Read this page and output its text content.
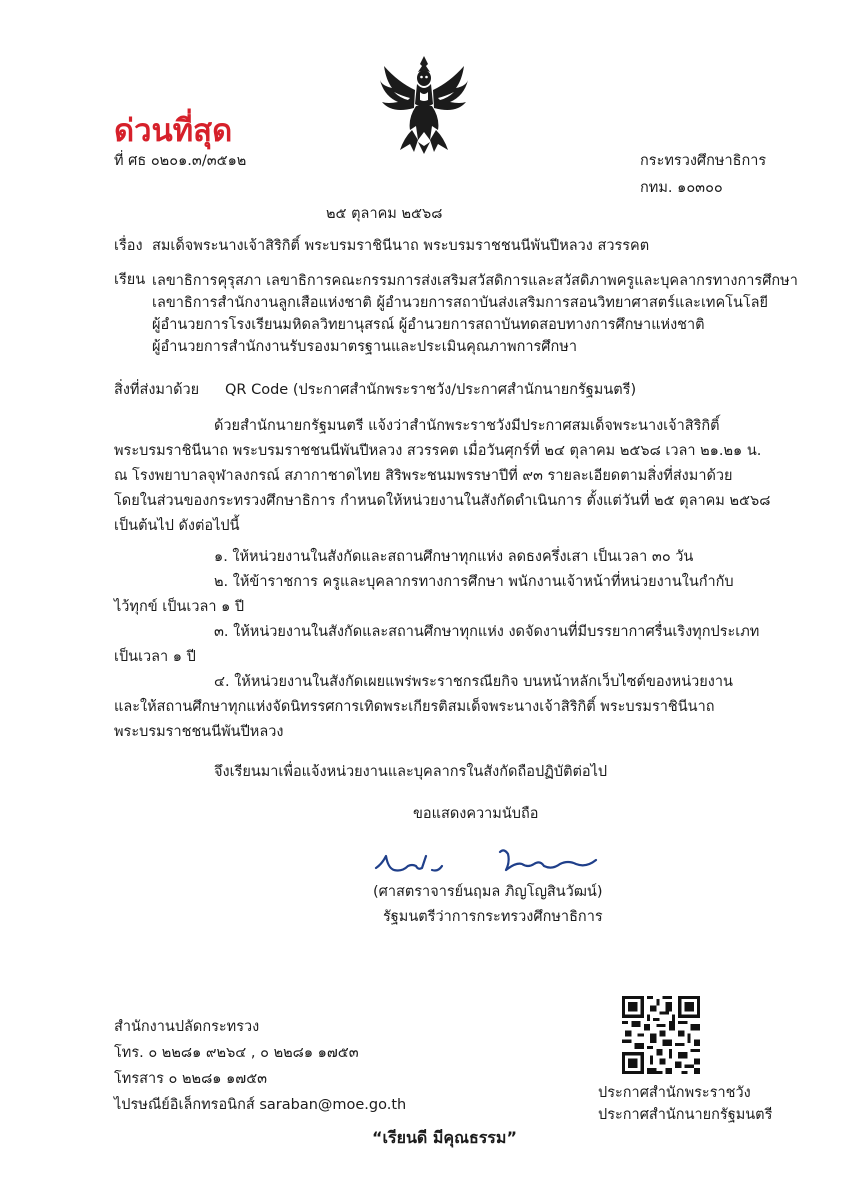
ด่วนที่สุด
ที่ ศธ ๐๒๐๑.๓/๓๕๑๒	กระทรวงศึกษาธิการ
กทม. ๑๐๓๐๐
๒๕ ตุลาคม ๒๕๖๘
เรื่อง สมเด็จพระนางเจ้าสิริกิติ์ พระบรมราชินีนาถ พระบรมราชชนนีพันปีหลวง สวรรคต
เรียน เลขาธิการคุรุสภา เลขาธิการคณะกรรมการส่งเสริมสวัสดิการและสวัสดิภาพครูและบุคลากรทางการศึกษา
เลขาธิการสำนักงานลูกเสือแห่งชาติ ผู้อำนวยการสถาบันส่งเสริมการสอนวิทยาศาสตร์และเทคโนโลยี
ผู้อำนวยการโรงเรียนมหิดลวิทยานุสรณ์ ผู้อำนวยการสถาบันทดสอบทางการศึกษาแห่งชาติ
ผู้อำนวยการสำนักงานรับรองมาตรฐานและประเมินคุณภาพการศึกษา
สิ่งที่ส่งมาด้วย QR Code (ประกาศสำนักพระราชวัง/ประกาศสำนักนายกรัฐมนตรี)
ด้วยสำนักนายกรัฐมนตรี แจ้งว่าสำนักพระราชวังมีประกาศสมเด็จพระนางเจ้าสิริกิติ์
พระบรมราชินีนาถ พระบรมราชชนนีพันปีหลวง สวรรคต เมื่อวันศุกร์ที่ ๒๔ ตุลาคม ๒๕๖๘ เวลา ๒๑.๒๑ น.
ณ โรงพยาบาลจุฬาลงกรณ์ สภากาชาดไทย สิริพระชนมพรรษาปีที่ ๙๓ รายละเอียดตามสิ่งที่ส่งมาด้วย
โดยในส่วนของกระทรวงศึกษาธิการ กำหนดให้หน่วยงานในสังกัดดำเนินการ ตั้งแต่วันที่ ๒๕ ตุลาคม ๒๕๖๘
เป็นต้นไป ดังต่อไปนี้
๑. ให้หน่วยงานในสังกัดและสถานศึกษาทุกแห่ง ลดธงครึ่งเสา เป็นเวลา ๓๐ วัน
๒. ให้ข้าราชการ ครูและบุคลากรทางการศึกษา พนักงานเจ้าหน้าที่หน่วยงานในกำกับ
ไว้ทุกข์ เป็นเวลา ๑ ปี
๓. ให้หน่วยงานในสังกัดและสถานศึกษาทุกแห่ง งดจัดงานที่มีบรรยากาศรื่นเริงทุกประเภท
เป็นเวลา ๑ ปี
๔. ให้หน่วยงานในสังกัดเผยแพร่พระราชกรณียกิจ บนหน้าหลักเว็บไซต์ของหน่วยงาน
และให้สถานศึกษาทุกแห่งจัดนิทรรศการเทิดพระเกียรติสมเด็จพระนางเจ้าสิริกิติ์ พระบรมราชินีนาถ
พระบรมราชชนนีพันปีหลวง
จึงเรียนมาเพื่อแจ้งหน่วยงานและบุคลากรในสังกัดถือปฏิบัติต่อไป
ขอแสดงความนับถือ
(ศาสตราจารย์นฤมล ภิญโญสินวัฒน์)
รัฐมนตรีว่าการกระทรวงศึกษาธิการ
สำนักงานปลัดกระทรวง
โทร. ๐ ๒๒๘๑ ๙๒๖๔ , ๐ ๒๒๘๑ ๑๗๕๓
โทรสาร ๐ ๒๒๘๑ ๑๗๕๓
ไปรษณีย์อิเล็กทรอนิกส์ saraban@moe.go.th
ประกาศสำนักพระราชวัง
ประกาศสำนักนายกรัฐมนตรี
“เรียนดี มีคุณธรรม”
